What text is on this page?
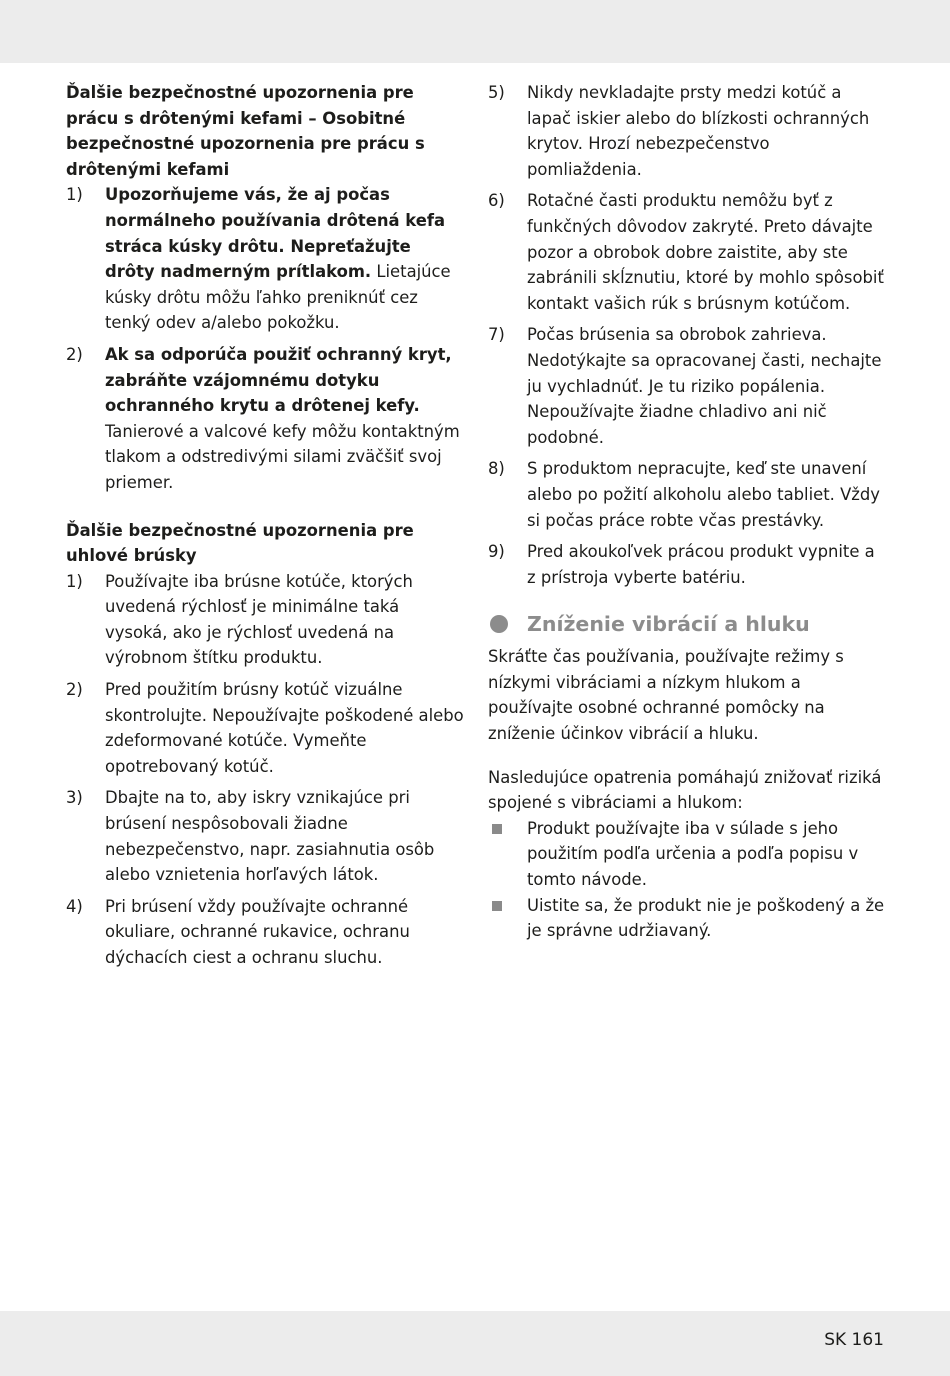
Ďalšie bezpečnostné upozornenia pre prácu s drôtenými kefami – Osobitné bezpečnostné upozornenia pre prácu s drôtenými kefami

1) Upozorňujeme vás, že aj počas normálneho používania drôtená kefa stráca kúsky drôtu. Nepreťažujte drôty nadmerným prítlakom. Lietajúce kúsky drôtu môžu ľahko preniknúť cez tenký odev a/alebo pokožku.
2) Ak sa odporúča použiť ochranný kryt, zabráňte vzájomnému dotyku ochranného krytu a drôtenej kefy. Tanierové a valcové kefy môžu kontaktným tlakom a odstredivými silami zväčšiť svoj priemer.

Ďalšie bezpečnostné upozornenia pre uhlové brúsky

1) Používajte iba brúsne kotúče, ktorých uvedená rýchlosť je minimálne taká vysoká, ako je rýchlosť uvedená na výrobnom štítku produktu.
2) Pred použitím brúsny kotúč vizuálne skontrolujte. Nepoužívajte poškodené alebo zdeformované kotúče. Vymeňte opotrebovaný kotúč.
3) Dbajte na to, aby iskry vznikajúce pri brúsení nespôsobovali žiadne nebezpečenstvo, napr. zasiahnutia osôb alebo vznietenia horľavých látok.
4) Pri brúsení vždy používajte ochranné okuliare, ochranné rukavice, ochranu dýchacích ciest a ochranu sluchu.
5) Nikdy nevkladajte prsty medzi kotúč a lapač iskier alebo do blízkosti ochranných krytov. Hrozí nebezpečenstvo pomliaždenia.
6) Rotačné časti produktu nemôžu byť z funkčných dôvodov zakryté. Preto dávajte pozor a obrobok dobre zaistite, aby ste zabránili skĺznutiu, ktoré by mohlo spôsobiť kontakt vašich rúk s brúsnym kotúčom.
7) Počas brúsenia sa obrobok zahrieva. Nedotýkajte sa opracovanej časti, nechajte ju vychladnúť. Je tu riziko popálenia. Nepoužívajte žiadne chladivo ani nič podobné.
8) S produktom nepracujte, keď ste unavení alebo po požití alkoholu alebo tabliet. Vždy si počas práce robte včas prestávky.
9) Pred akoukoľvek prácou produkt vypnite a z prístroja vyberte batériu.
Zníženie vibrácií a hluku

Skráťte čas používania, používajte režimy s nízkymi vibráciami a nízkym hlukom a používajte osobné ochranné pomôcky na zníženie účinkov vibrácií a hluku.

Nasledujúce opatrenia pomáhajú znižovať riziká spojené s vibráciami a hlukom:

Produkt používajte iba v súlade s jeho použitím podľa určenia a podľa popisu v tomto návode.
Uistite sa, že produkt nie je poškodený a že je správne udržiavaný.
SK 161
